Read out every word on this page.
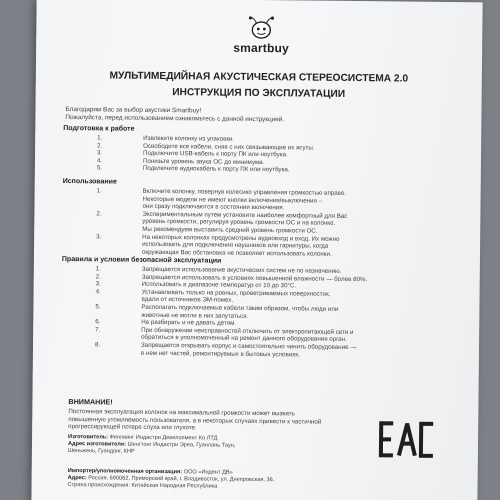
smartbuy
МУЛЬТИМЕДИЙНАЯ АКУСТИЧЕСКАЯ СТЕРЕОСИСТЕМА 2.0
ИНСТРУКЦИЯ ПО ЭКСПЛУАТАЦИИ
Благодарим Вас за выбор акустики Smartbuy!
Пожалуйста, перед использованием ознакомьтесь с данной инструкцией.
Подготовка к работе
1.	Извлеките колонку из упаковки.
2.	Освободите все кабели, сняв с них связывающие их жгуты.
3.	Подключите USB-кабель к порту ПК или ноутбука.
4.	Понизьте уровень звука ОС до минимума.
5.	Подключите аудиокабель к порту ПК или ноутбука.
Использование
1.	Включите колонку, повернув колесико управления громкостью вправо.
Некоторые модели не имеют кнопки включения/выключения –
они сразу подключаются в состоянии включения.
2.	Экспериментальным путем установите наиболее комфортный для Вас
уровень громкости, регулируя уровень громкости ОС и на колонке.
Мы рекомендуем выставить средний уровень громкости ОС.
3.	На некоторых колонках предусмотрены аудиовход и вход. Их можно
использовать для подключения наушников или гарнитуры, когда
окружающая Вас обстановка не позволяет использовать колонки.
Правила и условия безопасной эксплуатации
1.	Запрещается использование акустических систем не по назначению.
2.	Запрещается использовать в условиях повышенной влажности — более 80%.
3.	Использовать в диапазоне температур от 10 до 30°C.
4.	Устанавливать только на ровных, проветриваемых поверхностях,
вдали от источников ЭМ-помех.
5.	Располагать подключаемые кабели таким образом, чтобы люди или
животные не могли в них запутаться.
6.	Не разбирать и не давать детям.
7.	При обнаружении неисправностей отключить от электропитающей сети и
обратиться в уполномоченный на ремонт данного оборудования орган.
8.	Запрещается открывать корпус и самостоятельно чинить оборудование —
в нем нет частей, ремонтируемых в бытовых условиях.
ВНИМАНИЕ!
Постоянная эксплуатация колонок на максимальной громкости может вызвать
повышенную утомляемость пользователя, а в некоторых случаях привести к частичной
прогрессирующей потере слуха или глухоте.
Изготовитель: Фенгминг Индастри Девелопмент Ко ЛТД
Адрес изготовителя: Шенгтонг Индастри Эреа, Гуанлань Таун,
Шеньжень, Гуандонг, КНР
Импортер/уполномоченная организация: ООО «Индент ДВ»
Адрес: Россия, 690062, Приморский край, г. Владивосток, ул. Днепровская, 36.
Страна происхождения: Китайская Народная Республика
